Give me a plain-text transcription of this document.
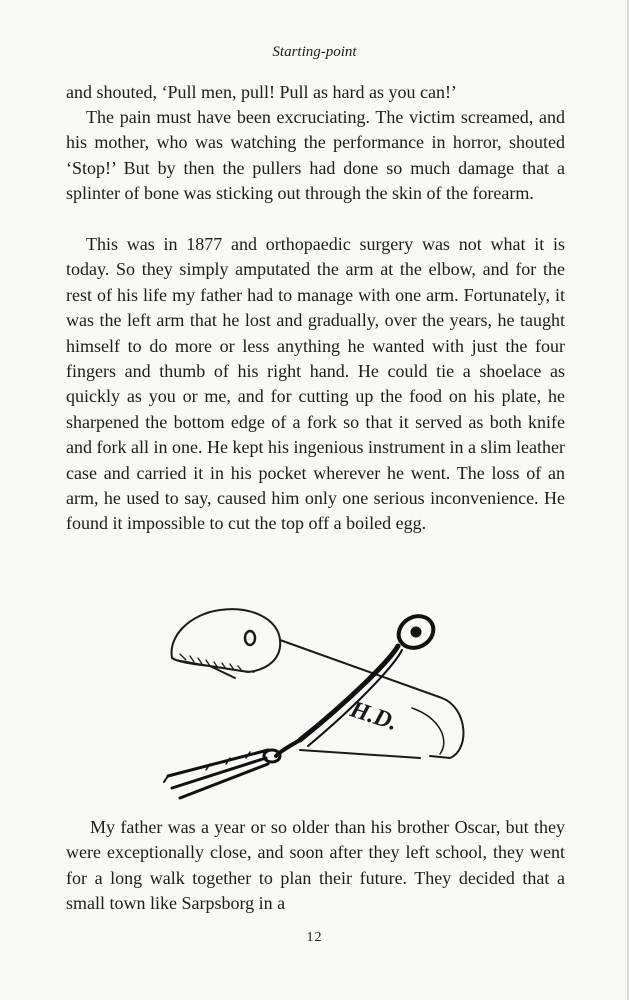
Starting-point

and shouted, ‘Pull men, pull! Pull as hard as you can!’

The pain must have been excruciating. The victim screamed, and his mother, who was watching the performance in horror, shouted ‘Stop!’ But by then the pullers had done so much damage that a splinter of bone was sticking out through the skin of the forearm.

This was in 1877 and orthopaedic surgery was not what it is today. So they simply amputated the arm at the elbow, and for the rest of his life my father had to manage with one arm. Fortunately, it was the left arm that he lost and gradually, over the years, he taught himself to do more or less anything he wanted with just the four fingers and thumb of his right hand. He could tie a shoelace as quickly as you or me, and for cutting up the food on his plate, he sharpened the bottom edge of a fork so that it served as both knife and fork all in one. He kept his ingenious instrument in a slim leather case and carried it in his pocket wherever he went. The loss of an arm, he used to say, caused him only one serious inconvenience. He found it impossible to cut the top off a boiled egg.

H.D.

My father was a year or so older than his brother Oscar, but they were exceptionally close, and soon after they left school, they went for a long walk together to plan their future. They decided that a small town like Sarpsborg in a

12
